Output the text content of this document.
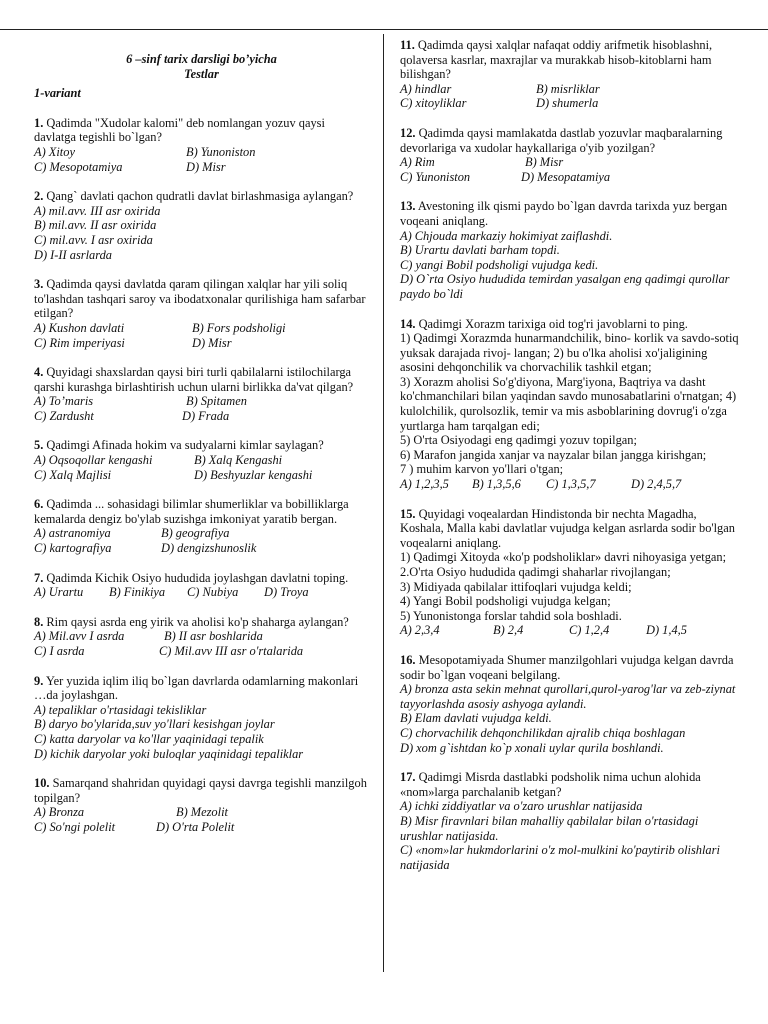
6 –sinf tarix darsligi bo’yicha

Testlar

1-variant

1. Qadimda "Xudolar kalomi" deb nomlangan yozuv qaysi davlatga tegishli bo`lgan?

A) Xitoy	B) Yunoniston
C) Mesopotamiya	D) Misr

2. Qang` davlati qachon qudratli davlat birlashmasiga aylangan?

A) mil.avv. III asr oxirida

B) mil.avv. II asr oxirida

C) mil.avv. I asr oxirida

D) I-II asrlarda

3. Qadimda qaysi davlatda qaram qilingan xalqlar har yili soliq to'lashdan tashqari saroy va ibodatxonalar qurilishiga ham safarbar etilgan?

A) Kushon davlati	B) Fors podsholigi
C) Rim imperiyasi	D) Misr

4. Quyidagi shaxslardan qaysi biri turli qabilalarni istilochilarga qarshi kurashga birlashtirish uchun ularni birlikka da'vat qilgan?

A) To’maris	B) Spitamen
C) Zardusht	D) Frada

5. Qadimgi Afinada hokim va sudyalarni kimlar saylagan?

A) Oqsoqollar kengashi	B) Xalq Kengashi
C) Xalq Majlisi	D) Beshyuzlar kengashi

6. Qadimda ... sohasidagi bilimlar shumerliklar va bobilliklarga kemalarda dengiz bo'ylab suzishga imkoniyat yaratib bergan.

A) astranomiya	B) geografiya
C) kartografiya	D) dengizshunoslik

7. Qadimda Kichik Osiyo hududida joylashgan davlatni toping.

A) Urartu	B) Finikiya	C) Nubiya	D) Troya

8. Rim qaysi asrda eng yirik va aholisi ko'p shaharga aylangan?

A) Mil.avv I asrda	B) II asr boshlarida
C) I asrda	C) Mil.avv III asr o'rtalarida

9. Yer yuzida iqlim iliq bo`lgan davrlarda odamlarning makonlari …da joylashgan.

A) tepaliklar o'rtasidagi tekisliklar

B) daryo bo'ylarida,suv yo'llari kesishgan joylar

C) katta daryolar va ko'llar yaqinidagi tepalik

D) kichik daryolar yoki buloqlar yaqinidagi tepaliklar

10. Samarqand shahridan quyidagi qaysi davrga tegishli manzilgoh topilgan?

A) Bronza	B) Mezolit
C) So'ngi polelit	D) O'rta Polelit

11. Qadimda qaysi xalqlar nafaqat oddiy arifmetik hisoblashni, qolaversa kasrlar, maxrajlar va murakkab hisob-kitoblarni ham bilishgan?

A) hindlar	B) misrliklar
C) xitoyliklar	D) shumerla

12. Qadimda qaysi mamlakatda dastlab yozuvlar maqbaralarning devorlariga va xudolar haykallariga o'yib yozilgan?

A) Rim	B) Misr
C) Yunoniston	D) Mesopatamiya

13. Avestoning ilk qismi paydo bo`lgan davrda tarixda yuz bergan voqeani aniqlang.

A) Chjouda markaziy hokimiyat zaiflashdi.

B) Urartu davlati barham topdi.

C) yangi Bobil podsholigi vujudga kedi.

D) O`rta Osiyo hududida temirdan yasalgan eng qadimgi qurollar paydo bo`ldi

14. Qadimgi Xorazm tarixiga oid tog'ri javoblarni to ping.

1) Qadimgi Xorazmda hunarmandchilik, bino- korlik va savdo-sotiq yuksak darajada rivoj- langan; 2) bu o'lka aholisi xo'jaligining asosini dehqonchilik va chorvachilik tashkil etgan;

3) Xorazm aholisi So'g'diyona, Marg'iyona, Baqtriya va dasht ko'chmanchilari bilan yaqindan savdo munosabatlarini o'rnatgan; 4) kulolchilik, qurolsozlik, temir va mis asboblarining dovrug'i o'zga yurtlarga ham tarqalgan edi;

5) O'rta Osiyodagi eng qadimgi yozuv topilgan;

6) Marafon jangida xanjar va nayzalar bilan jangga kirishgan;

7 ) muhim karvon yo'llari o'tgan;

A) 1,2,3,5	B) 1,3,5,6	C) 1,3,5,7	D) 2,4,5,7

15. Quyidagi voqealardan Hindistonda bir nechta Magadha, Koshala, Malla kabi davlatlar vujudga kelgan asrlarda sodir bo'lgan voqealarni aniqlang.

1) Qadimgi Xitoyda «ko'p podsholiklar» davri nihoyasiga yetgan; 2.O'rta Osiyo hududida qadimgi shaharlar rivojlangan;

3) Midiyada qabilalar ittifoqlari vujudga keldi;

4) Yangi Bobil podsholigi vujudga kelgan;

5) Yunonistonga forslar tahdid sola boshladi.

A) 2,3,4	B) 2,4	C) 1,2,4	D) 1,4,5

16. Mesopotamiyada Shumer manzilgohlari vujudga kelgan davrda sodir bo`lgan voqeani belgilang.

A) bronza asta sekin mehnat qurollari,qurol-yarog'lar va zeb-ziynat tayyorlashda asosiy ashyoga aylandi.

B) Elam davlati vujudga keldi.

C) chorvachilik dehqonchilikdan ajralib chiqa boshlagan

D) xom g`ishtdan ko`p xonali uylar qurila boshlandi.

17. Qadimgi Misrda dastlabki podsholik nima uchun alohida «nom»larga parchalanib ketgan?

A) ichki ziddiyatlar va o'zaro urushlar natijasida

B) Misr firavnlari bilan mahalliy qabilalar bilan o'rtasidagi urushlar natijasida.

C) «nom»lar hukmdorlarini o'z mol-mulkini ko'paytirib olishlari natijasida
